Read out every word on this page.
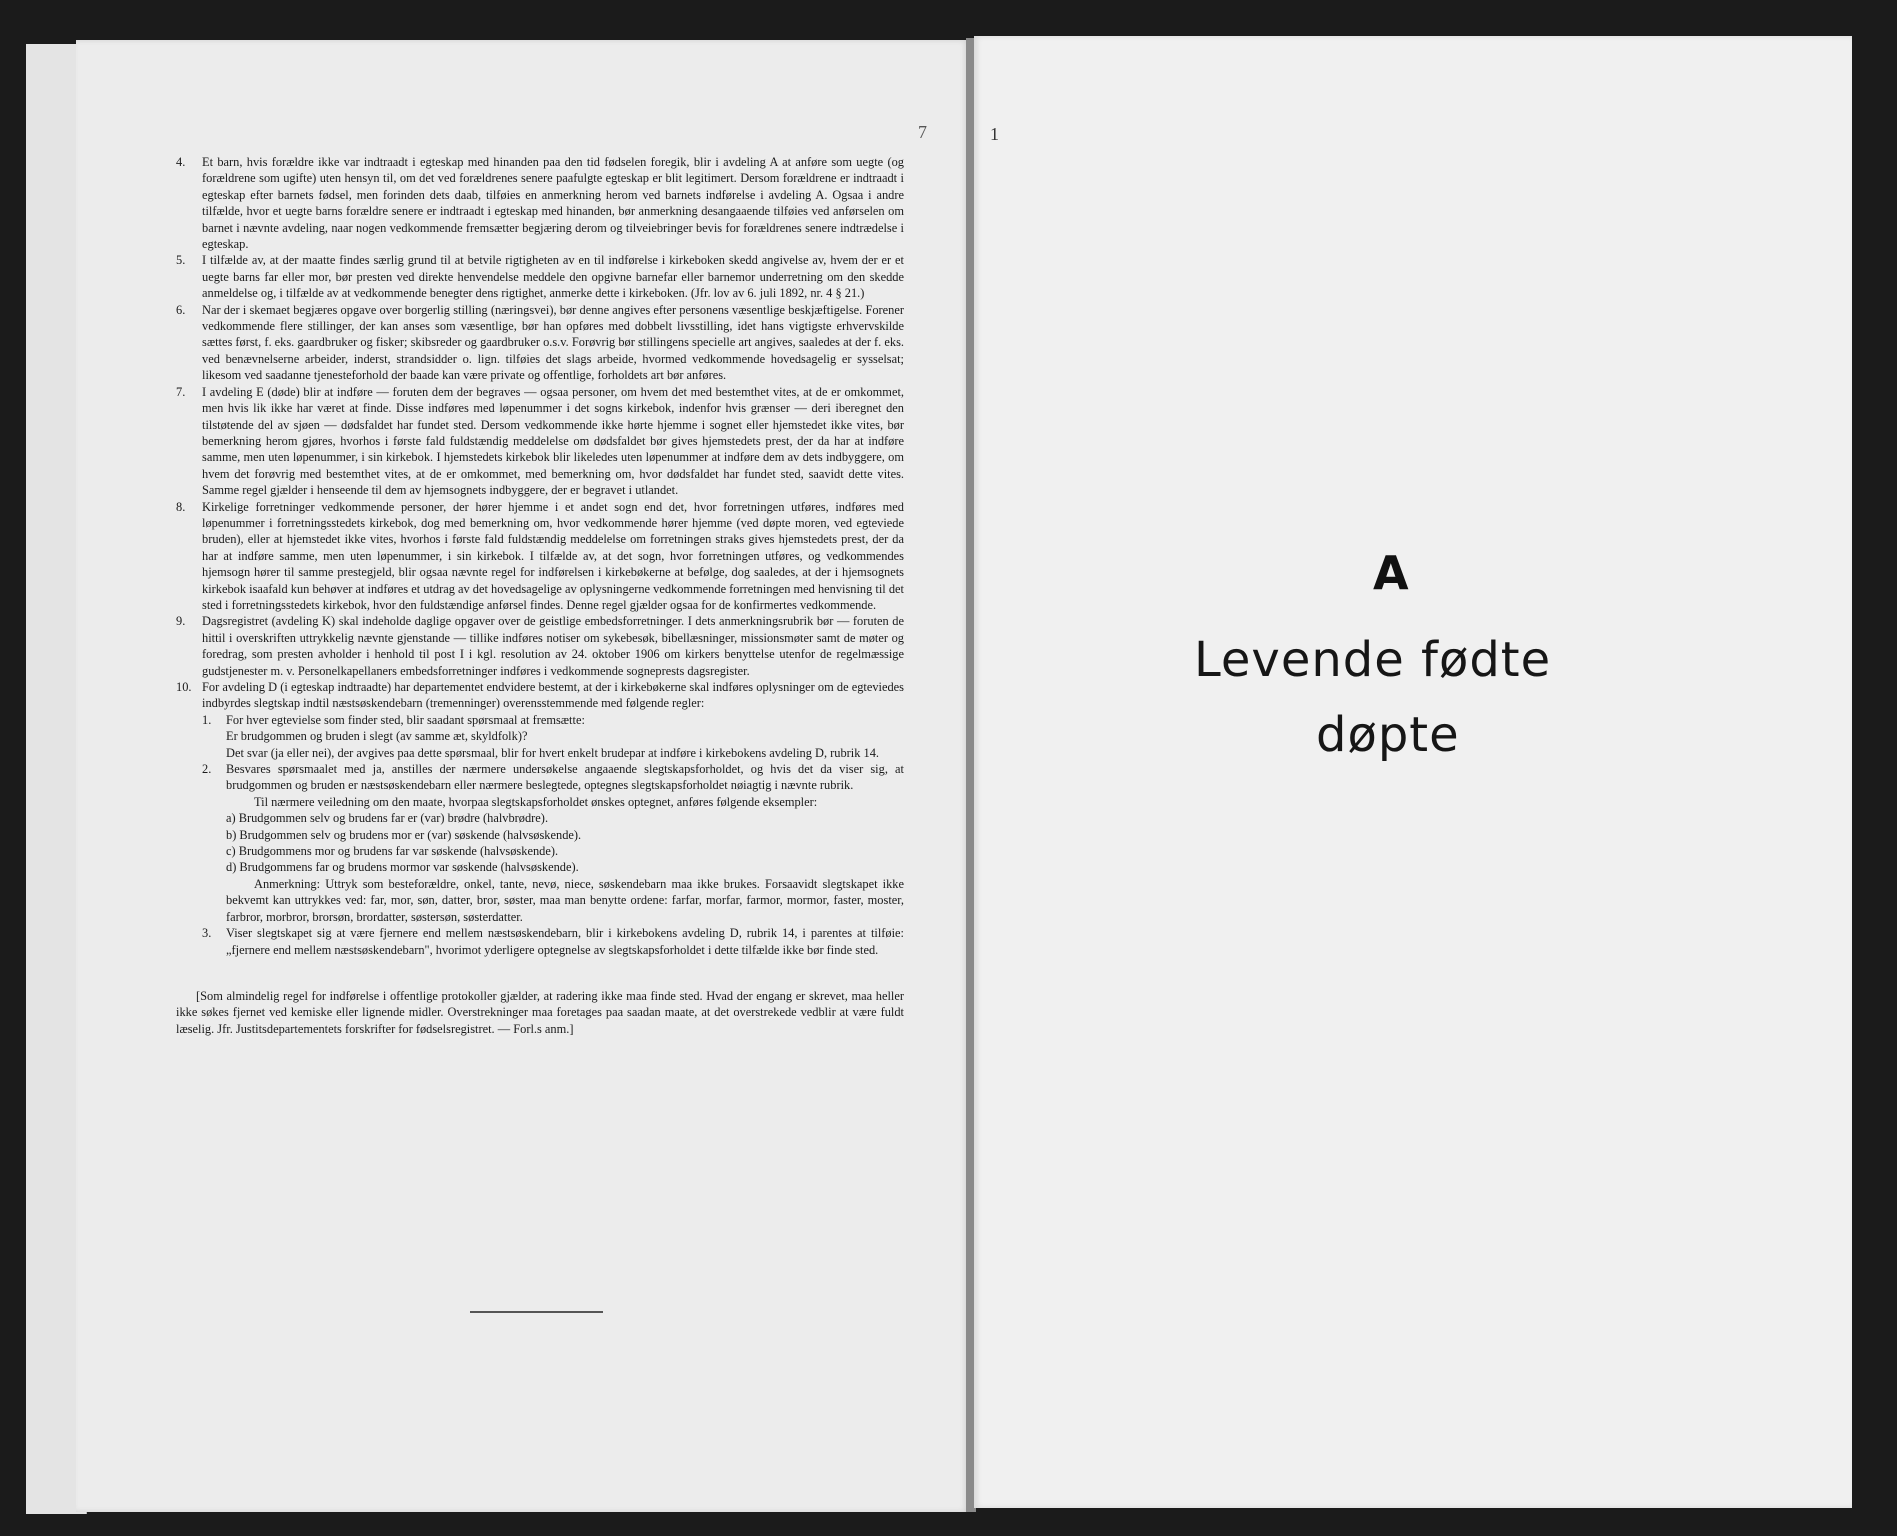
7	1
4. Et barn, hvis forældre ikke var indtraadt i egteskap med hinanden paa den tid fødselen foregik, blir i avdeling A at anføre som uegte (og forældrene som ugifte) uten hensyn til, om det ved forældrenes senere paafulgte egteskap er blit legitimert. Dersom forældrene er indtraadt i egteskap efter barnets fødsel, men forinden dets daab, tilføies en anmerkning herom ved barnets indførelse i avdeling A. Ogsaa i andre tilfælde, hvor et uegte barns forældre senere er indtraadt i egteskap med hinanden, bør anmerkning desangaaende tilføies ved anførselen om barnet i nævnte avdeling, naar nogen vedkommende fremsætter begjæring derom og tilveiebringer bevis for forældrenes senere indtrædelse i egteskap.
5. I tilfælde av, at der maatte findes særlig grund til at betvile rigtigheten av en til indførelse i kirkeboken skedd angivelse av, hvem der er et uegte barns far eller mor, bør presten ved direkte henvendelse meddele den opgivne barnefar eller barnemor underretning om den skedde anmeldelse og, i tilfælde av at vedkommende benegter dens rigtighet, anmerke dette i kirkeboken. (Jfr. lov av 6. juli 1892, nr. 4 § 21.)
6. Nar der i skemaet begjæres opgave over borgerlig stilling (næringsvei), bør denne angives efter personens væsentlige beskjæftigelse. Forener vedkommende flere stillinger, der kan anses som væsentlige, bør han opføres med dobbelt livsstilling, idet hans vigtigste erhvervskilde sættes først, f. eks. gaardbruker og fisker; skibsreder og gaardbruker o.s.v. Forøvrig bør stillingens specielle art angives, saaledes at der f. eks. ved benævnelserne arbeider, inderst, strandsidder o. lign. tilføies det slags arbeide, hvormed vedkommende hovedsagelig er sysselsat; likesom ved saadanne tjenesteforhold der baade kan være private og offentlige, forholdets art bør anføres.
7. I avdeling E (døde) blir at indføre — foruten dem der begraves — ogsaa personer, om hvem det med bestemthet vites, at de er omkommet, men hvis lik ikke har været at finde. Disse indføres med løpenummer i det sogns kirkebok, indenfor hvis grænser — deri iberegnet den tilstøtende del av sjøen — dødsfaldet har fundet sted. Dersom vedkommende ikke hørte hjemme i sognet eller hjemstedet ikke vites, bør bemerkning herom gjøres, hvorhos i første fald fuldstændig meddelelse om dødsfaldet bør gives hjemstedets prest, der da har at indføre samme, men uten løpenummer, i sin kirkebok. I hjemstedets kirkebok blir likeledes uten løpenummer at indføre dem av dets indbyggere, om hvem det forøvrig med bestemthet vites, at de er omkommet, med bemerkning om, hvor dødsfaldet har fundet sted, saavidt dette vites. Samme regel gjælder i henseende til dem av hjemsognets indbyggere, der er begravet i utlandet.
8. Kirkelige forretninger vedkommende personer, der hører hjemme i et andet sogn end det, hvor forretningen utføres, indføres med løpenummer i forretningsstedets kirkebok, dog med bemerkning om, hvor vedkommende hører hjemme (ved døpte moren, ved egteviede bruden), eller at hjemstedet ikke vites, hvorhos i første fald fuldstændig meddelelse om forretningen straks gives hjemstedets prest, der da har at indføre samme, men uten løpenummer, i sin kirkebok. I tilfælde av, at det sogn, hvor forretningen utføres, og vedkommendes hjemsogn hører til samme prestegjeld, blir ogsaa nævnte regel for indførelsen i kirkebøkerne at befølge, dog saaledes, at der i hjemsognets kirkebok isaafald kun behøver at indføres et utdrag av det hovedsagelige av oplysningerne vedkommende forretningen med henvisning til det sted i forretningsstedets kirkebok, hvor den fuldstændige anførsel findes. Denne regel gjælder ogsaa for de konfirmertes vedkommende.
9. Dagsregistret (avdeling K) skal indeholde daglige opgaver over de geistlige embedsforretninger. I dets anmerkningsrubrik bør — foruten de hittil i overskriften uttrykkelig nævnte gjenstande — tillike indføres notiser om sykebesøk, bibellæsninger, missionsmøter samt de møter og foredrag, som presten avholder i henhold til post I i kgl. resolution av 24. oktober 1906 om kirkers benyttelse utenfor de regelmæssige gudstjenester m. v. Personelkapellaners embedsforretninger indføres i vedkommende sogneprests dagsregister.
10. For avdeling D (i egteskap indtraadte) har departementet endvidere bestemt, at der i kirkebøkerne skal indføres oplysninger om de egteviedes indbyrdes slegtskap indtil næstsøskendebarn (tremenninger) overensstemmende med følgende regler:
1. For hver egtevielse som finder sted, blir saadant spørsmaal at fremsætte:
Er brudgommen og bruden i slegt (av samme æt, skyldfolk)?
Det svar (ja eller nei), der avgives paa dette spørsmaal, blir for hvert enkelt brudepar at indføre i kirkebokens avdeling D, rubrik 14.
2. Besvares spørsmaalet med ja, anstilles der nærmere undersøkelse angaaende slegtskapsforholdet, og hvis det da viser sig, at brudgommen og bruden er næstsøskendebarn eller nærmere beslegtede, optegnes slegtskapsforholdet nøiagtig i nævnte rubrik.
Til nærmere veiledning om den maate, hvorpaa slegtskapsforholdet ønskes optegnet, anføres følgende eksempler:
a) Brudgommen selv og brudens far er (var) brødre (halvbrødre).
b) Brudgommen selv og brudens mor er (var) søskende (halvsøskende).
c) Brudgommens mor og brudens far var søskende (halvsøskende).
d) Brudgommens far og brudens mormor var søskende (halvsøskende).
Anmerkning: Uttryk som besteforældre, onkel, tante, nevø, niece, søskendebarn maa ikke brukes. Forsaavidt slegtskapet ikke bekvemt kan uttrykkes ved: far, mor, søn, datter, bror, søster, maa man benytte ordene: farfar, morfar, farmor, mormor, faster, moster, farbror, morbror, brorsøn, brordatter, søstersøn, søsterdatter.
3. Viser slegtskapet sig at være fjernere end mellem næstsøskendebarn, blir i kirkebokens avdeling D, rubrik 14, i parentes at tilføie: „fjernere end mellem næstsøskendebarn", hvorimot yderligere optegnelse av slegtskapsforholdet i dette tilfælde ikke bør finde sted.
[Som almindelig regel for indførelse i offentlige protokoller gjælder, at radering ikke maa finde sted. Hvad der engang er skrevet, maa heller ikke søkes fjernet ved kemiske eller lignende midler. Overstrekninger maa foretages paa saadan maate, at det overstrekede vedblir at være fuldt læselig. Jfr. Justitsdepartementets forskrifter for fødselsregistret. — Forl.s anm.]
A
Levende fødte
døpte
